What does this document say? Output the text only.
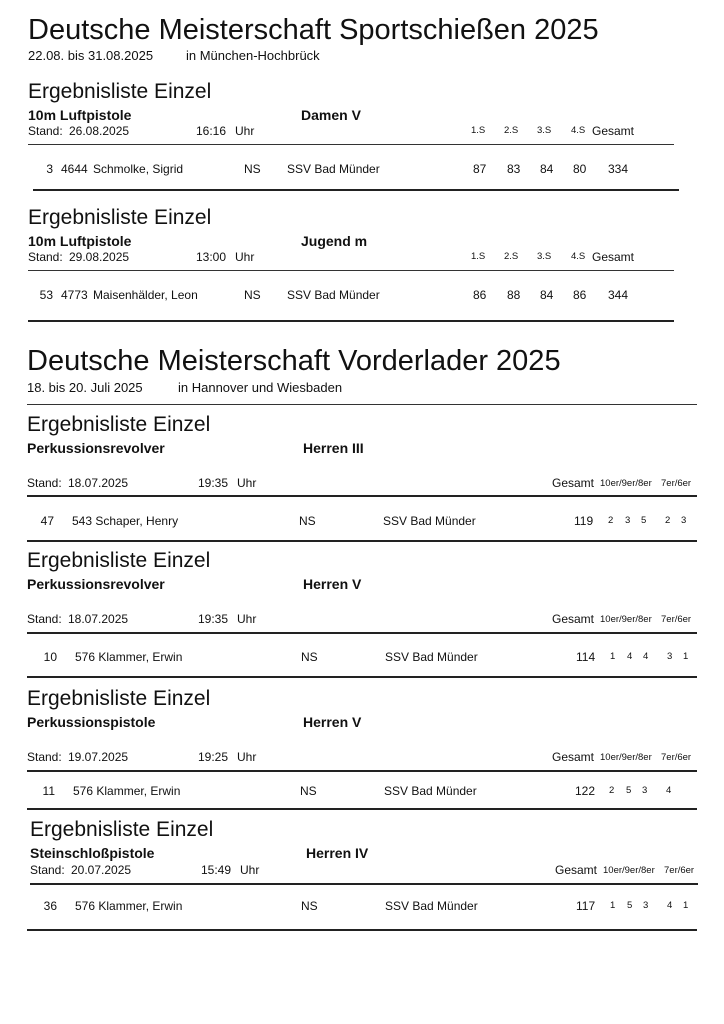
Deutsche Meisterschaft Sportschießen 2025
22.08. bis 31.08.2025	in München-Hochbrück
Ergebnisliste Einzel
10m Luftpistole	Damen V
Stand: 26.08.2025	16:16 Uhr	1.S 2.S 3.S 4.S Gesamt
3 4644 Schmolke, Sigrid	NS SSV Bad Münder	87 83 84 80 334
Ergebnisliste Einzel
10m Luftpistole	Jugend m
Stand: 29.08.2025	13:00 Uhr	1.S 2.S 3.S 4.S Gesamt
53 4773 Maisenhälder, Leon	NS SSV Bad Münder	86 88 84 86 344
Deutsche Meisterschaft Vorderlader 2025
18. bis 20. Juli 2025	in Hannover und Wiesbaden
Ergebnisliste Einzel
Perkussionsrevolver	Herren III
Stand: 18.07.2025	19:35 Uhr	Gesamt 10er/9er/8er 7er/6er
47 543 Schaper, Henry	NS	SSV Bad Münder	119 2 3 5 2 3
Ergebnisliste Einzel
Perkussionsrevolver	Herren V
Stand: 18.07.2025	19:35 Uhr	Gesamt 10er/9er/8er 7er/6er
10 576 Klammer, Erwin	NS	SSV Bad Münder	114 1 4 4 3 1
Ergebnisliste Einzel
Perkussionspistole	Herren V
Stand: 19.07.2025	19:25 Uhr	Gesamt 10er/9er/8er 7er/6er
11 576 Klammer, Erwin	NS	SSV Bad Münder	122 2 5 3 4
Ergebnisliste Einzel
Steinschloßpistole	Herren IV
Stand: 20.07.2025	15:49 Uhr	Gesamt 10er/9er/8er 7er/6er
36 576 Klammer, Erwin	NS	SSV Bad Münder	117 1 5 3 4 1
